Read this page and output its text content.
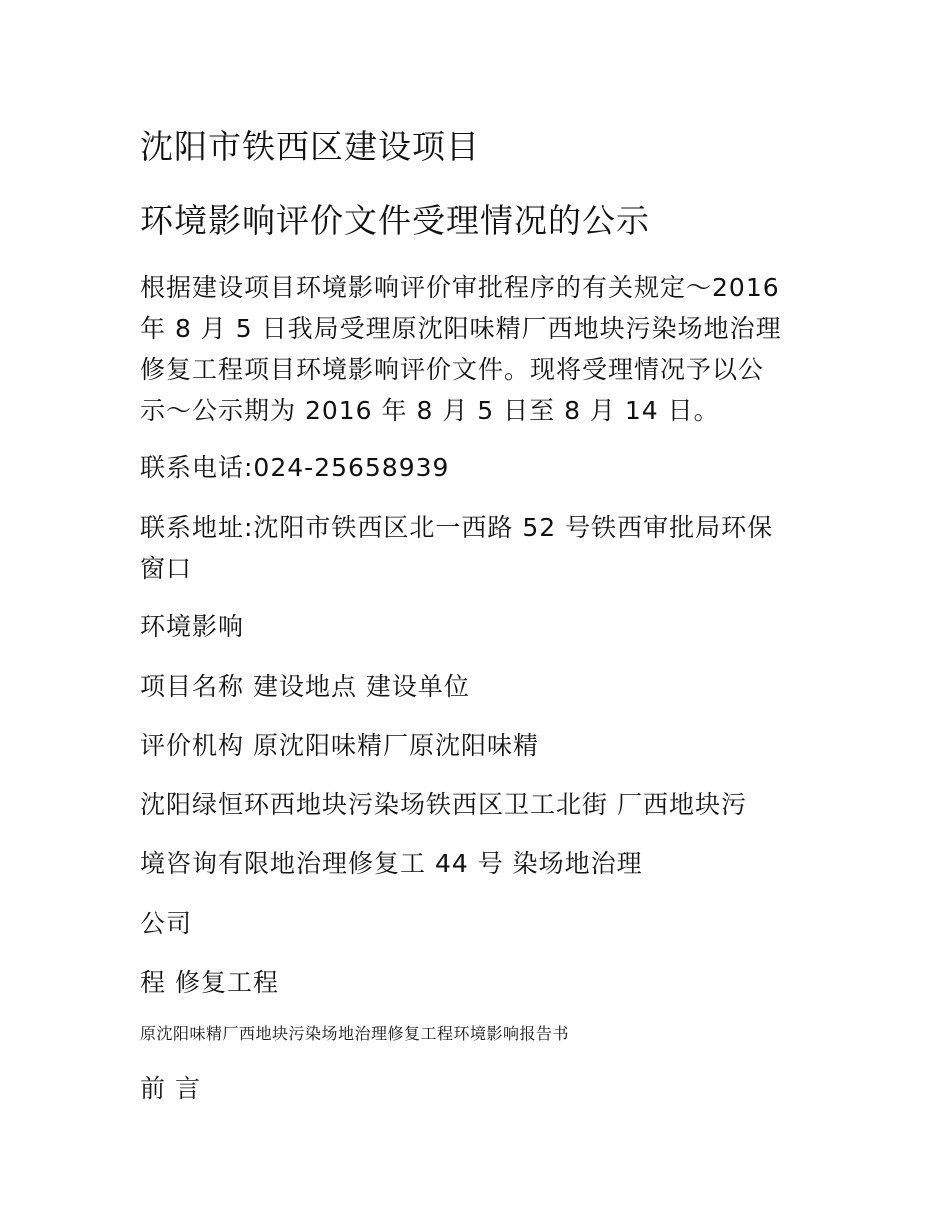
沈阳市铁西区建设项目
环境影响评价文件受理情况的公示
根据建设项目环境影响评价审批程序的有关规定～2016
年 8 月 5 日我局受理原沈阳味精厂西地块污染场地治理
修复工程项目环境影响评价文件。现将受理情况予以公
示～公示期为 2016 年 8 月 5 日至 8 月 14 日。
联系电话:024-25658939
联系地址:沈阳市铁西区北一西路 52 号铁西审批局环保
窗口
环境影响
项目名称 建设地点 建设单位
评价机构 原沈阳味精厂原沈阳味精
沈阳绿恒环西地块污染场铁西区卫工北街 厂西地块污
境咨询有限地治理修复工 44 号 染场地治理
公司
程 修复工程
原沈阳味精厂西地块污染场地治理修复工程环境影响报告书
前 言
